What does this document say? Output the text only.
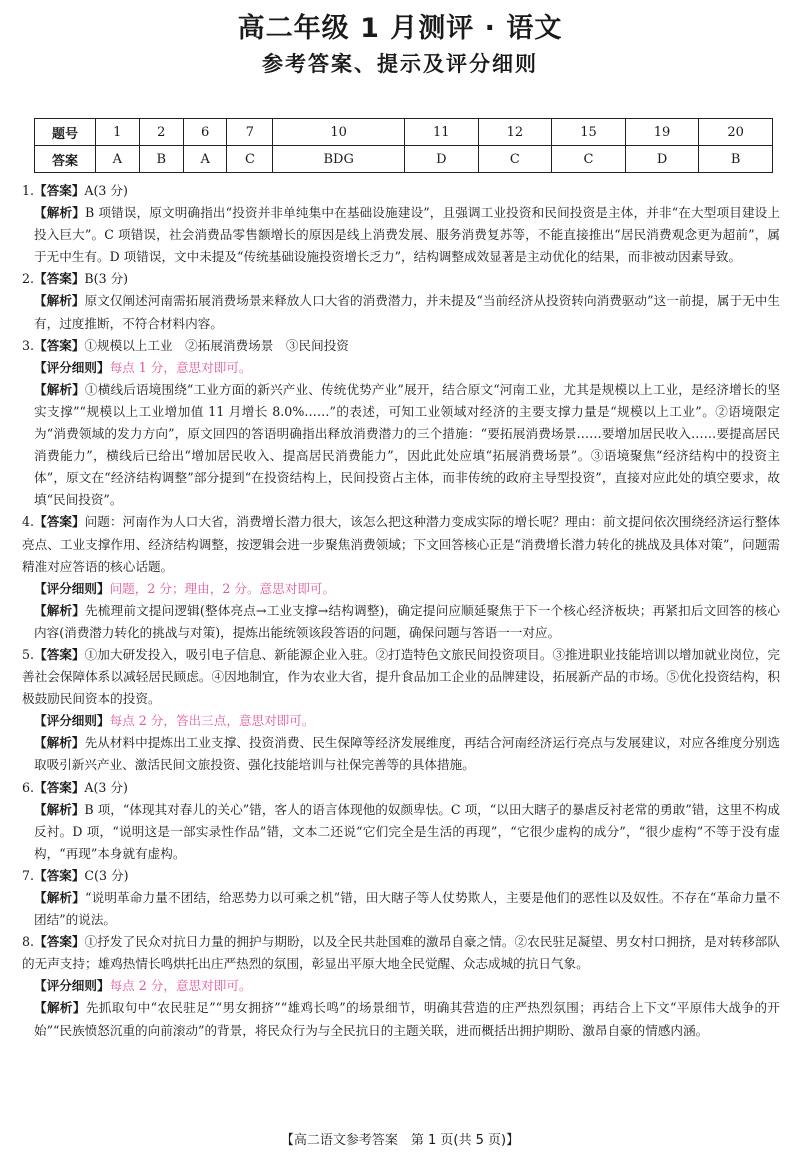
高二年级 1 月测评 · 语文
参考答案、提示及评分细则
题号	1	2	6	7	10	11	12	15	19	20
答案	A	B	A	C	BDG	D	C	C	D	B

1.【答案】A(3 分)

【解析】B 项错误，原文明确指出“投资并非单纯集中在基础设施建设”，且强调工业投资和民间投资是主体，并非“在大型项目建设上投入巨大”。C 项错误，社会消费品零售额增长的原因是线上消费发展、服务消费复苏等，不能直接推出“居民消费观念更为超前”，属于无中生有。D 项错误，文中未提及“传统基础设施投资增长乏力”，结构调整成效显著是主动优化的结果，而非被动因素导致。

2.【答案】B(3 分)

【解析】原文仅阐述河南需拓展消费场景来释放人口大省的消费潜力，并未提及“当前经济从投资转向消费驱动”这一前提，属于无中生有，过度推断，不符合材料内容。

3.【答案】①规模以上工业　②拓展消费场景　③民间投资

【评分细则】每点 1 分，意思对即可。

【解析】①横线后语境围绕“工业方面的新兴产业、传统优势产业”展开，结合原文“河南工业，尤其是规模以上工业，是经济增长的坚实支撑”“规模以上工业增加值 11 月增长 8.0%……”的表述，可知工业领域对经济的主要支撑力量是“规模以上工业”。②语境限定为“消费领域的发力方向”，原文回四的答语明确指出释放消费潜力的三个措施：“要拓展消费场景……要增加居民收入……要提高居民消费能力”，横线后已给出“增加居民收入、提高居民消费能力”，因此此处应填“拓展消费场景”。③语境聚焦“经济结构中的投资主体”，原文在“经济结构调整”部分提到“在投资结构上，民间投资占主体，而非传统的政府主导型投资”，直接对应此处的填空要求，故填“民间投资”。

4.【答案】问题：河南作为人口大省，消费增长潜力很大，该怎么把这种潜力变成实际的增长呢？理由：前文提问依次围绕经济运行整体亮点、工业支撑作用、经济结构调整，按逻辑会进一步聚焦消费领域；下文回答核心正是“消费增长潜力转化的挑战及具体对策”，问题需精准对应答语的核心话题。

【评分细则】问题，2 分；理由，2 分。意思对即可。

【解析】先梳理前文提问逻辑(整体亮点→工业支撑→结构调整)，确定提问应顺延聚焦于下一个核心经济板块；再紧扣后文回答的核心内容(消费潜力转化的挑战与对策)，提炼出能统领该段答语的问题，确保问题与答语一一对应。

5.【答案】①加大研发投入，吸引电子信息、新能源企业入驻。②打造特色文旅民间投资项目。③推进职业技能培训以增加就业岗位，完善社会保障体系以减轻居民顾虑。④因地制宜，作为农业大省，提升食品加工企业的品牌建设，拓展新产品的市场。⑤优化投资结构，积极鼓励民间资本的投资。

【评分细则】每点 2 分，答出三点，意思对即可。

【解析】先从材料中提炼出工业支撑、投资消费、民生保障等经济发展维度，再结合河南经济运行亮点与发展建议，对应各维度分别选取吸引新兴产业、激活民间文旅投资、强化技能培训与社保完善等的具体措施。

6.【答案】A(3 分)

【解析】B 项，“体现其对春儿的关心”错，客人的语言体现他的奴颜卑怯。C 项，“以田大瞎子的暴虐反衬老常的勇敢”错，这里不构成反衬。D 项，“说明这是一部实录性作品”错，文本二还说“它们完全是生活的再现”，“它很少虚构的成分”，“很少虚构”不等于没有虚构，“再现”本身就有虚构。

7.【答案】C(3 分)

【解析】“说明革命力量不团结，给恶势力以可乘之机”错，田大瞎子等人仗势欺人，主要是他们的恶性以及奴性。不存在“革命力量不团结”的说法。

8.【答案】①抒发了民众对抗日力量的拥护与期盼，以及全民共赴国难的激昂自豪之情。②农民驻足凝望、男女村口拥挤，是对转移部队的无声支持；雄鸡热情长鸣烘托出庄严热烈的氛围，彰显出平原大地全民觉醒、众志成城的抗日气象。

【评分细则】每点 2 分，意思对即可。

【解析】先抓取句中“农民驻足”“男女拥挤”“雄鸡长鸣”的场景细节，明确其营造的庄严热烈氛围；再结合上下文“平原伟大战争的开始”“民族愤怒沉重的向前滚动”的背景，将民众行为与全民抗日的主题关联，进而概括出拥护期盼、激昂自豪的情感内涵。

【高二语文参考答案　第 1 页(共 5 页)】
